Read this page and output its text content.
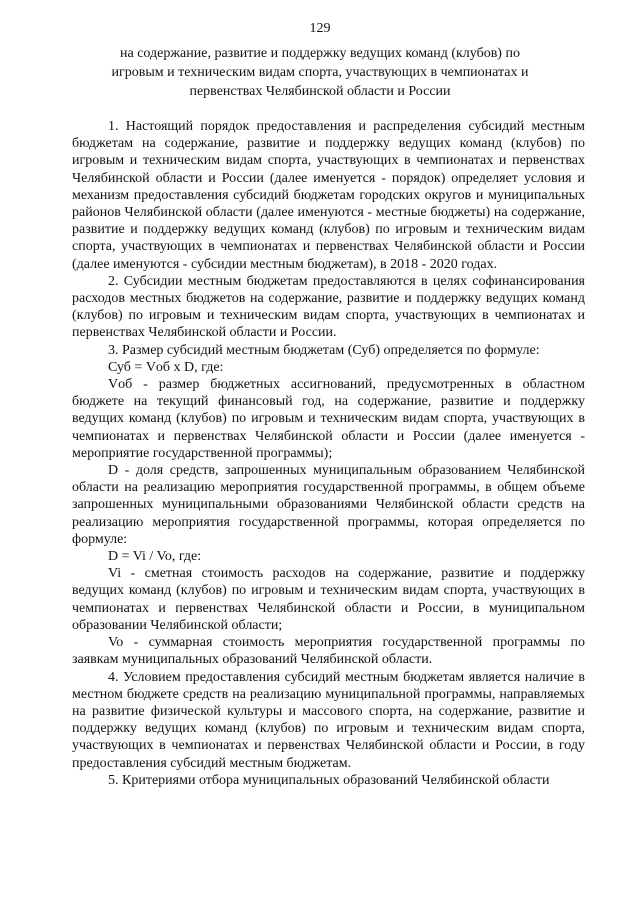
129
на содержание, развитие и поддержку ведущих команд (клубов) по игровым и техническим видам спорта, участвующих в чемпионатах и первенствах Челябинской области и России

1. Настоящий порядок предоставления и распределения субсидий местным бюджетам на содержание, развитие и поддержку ведущих команд (клубов) по игровым и техническим видам спорта, участвующих в чемпионатах и первенствах Челябинской области и России (далее именуется - порядок) определяет условия и механизм предоставления субсидий бюджетам городских округов и муниципальных районов Челябинской области (далее именуются - местные бюджеты) на содержание, развитие и поддержку ведущих команд (клубов) по игровым и техническим видам спорта, участвующих в чемпионатах и первенствах Челябинской области и России (далее именуются - субсидии местным бюджетам), в 2018 - 2020 годах.

2. Субсидии местным бюджетам предоставляются в целях софинансирования расходов местных бюджетов на содержание, развитие и поддержку ведущих команд (клубов) по игровым и техническим видам спорта, участвующих в чемпионатах и первенствах Челябинской области и России.

3. Размер субсидий местным бюджетам (Суб) определяется по формуле:

Суб = Vоб x D, где:

Vоб - размер бюджетных ассигнований, предусмотренных в областном бюджете на текущий финансовый год, на содержание, развитие и поддержку ведущих команд (клубов) по игровым и техническим видам спорта, участвующих в чемпионатах и первенствах Челябинской области и России (далее именуется - мероприятие государственной программы);

D - доля средств, запрошенных муниципальным образованием Челябинской области на реализацию мероприятия государственной программы, в общем объеме запрошенных муниципальными образованиями Челябинской области средств на реализацию мероприятия государственной программы, которая определяется по формуле:

D = Vi / Vo, где:

Vi - сметная стоимость расходов на содержание, развитие и поддержку ведущих команд (клубов) по игровым и техническим видам спорта, участвующих в чемпионатах и первенствах Челябинской области и России, в муниципальном образовании Челябинской области;

Vo - суммарная стоимость мероприятия государственной программы по заявкам муниципальных образований Челябинской области.

4. Условием предоставления субсидий местным бюджетам является наличие в местном бюджете средств на реализацию муниципальной программы, направляемых на развитие физической культуры и массового спорта, на содержание, развитие и поддержку ведущих команд (клубов) по игровым и техническим видам спорта, участвующих в чемпионатах и первенствах Челябинской области и России, в году предоставления субсидий местным бюджетам.

5. Критериями отбора муниципальных образований Челябинской области
